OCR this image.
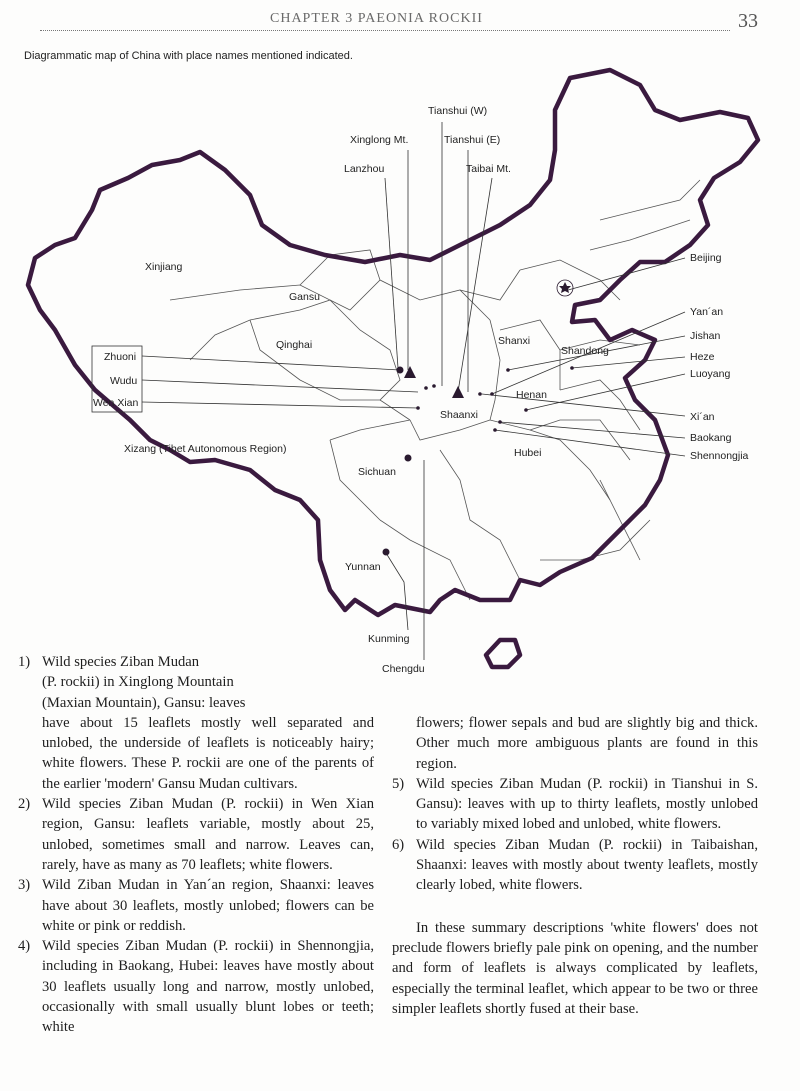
CHAPTER 3 PAEONIA ROCKII	33
Diagrammatic map of China with place names mentioned indicated.
Xinjiang
Gansu
Qinghai
Xizang (Tibet Autonomous Region)
Sichuan
Yunnan
Shaanxi
Shanxi
Shandong
Henan
Hubei
Tianshui (W)
Xinglong Mt.	Tianshui (E)
Lanzhou	Taibai Mt.
Beijing
Yan´an
Jishan
Heze
Luoyang
Xi´an
Baokang
Shennongjia
Zhuoni
Wudu
Wen Xian
Kunming
Chengdu
1) Wild species Ziban Mudan

(P. rockii) in Xinglong Mountain

(Maxian Mountain), Gansu: leaves

have about 15 leaflets mostly well separated and unlobed, the underside of leaflets is noticeably hairy; white flowers. These P. rockii are one of the parents of the earlier 'modern' Gansu Mudan cultivars.

2) Wild species Ziban Mudan (P. rockii) in Wen Xian region, Gansu: leaflets variable, mostly about 25, unlobed, sometimes small and narrow. Leaves can, rarely, have as many as 70 leaflets; white flowers.

3) Wild Ziban Mudan in Yan´an region, Shaanxi: leaves have about 30 leaflets, mostly unlobed; flowers can be white or pink or reddish.

4) Wild species Ziban Mudan (P. rockii) in Shennongjia, including in Baokang, Hubei: leaves have mostly about 30 leaflets usually long and narrow, mostly unlobed, occasionally with small usually blunt lobes or teeth; white

flowers; flower sepals and bud are slightly big and thick. Other much more ambiguous plants are found in this region.

5) Wild species Ziban Mudan (P. rockii) in Tianshui in S. Gansu): leaves with up to thirty leaflets, mostly unlobed to variably mixed lobed and unlobed, white flowers.

6) Wild species Ziban Mudan (P. rockii) in Taibaishan, Shaanxi: leaves with mostly about twenty leaflets, mostly clearly lobed, white flowers.

In these summary descriptions 'white flowers' does not preclude flowers briefly pale pink on opening, and the number and form of leaflets is always complicated by leaflets, especially the terminal leaflet, which appear to be two or three simpler leaflets shortly fused at their base.
